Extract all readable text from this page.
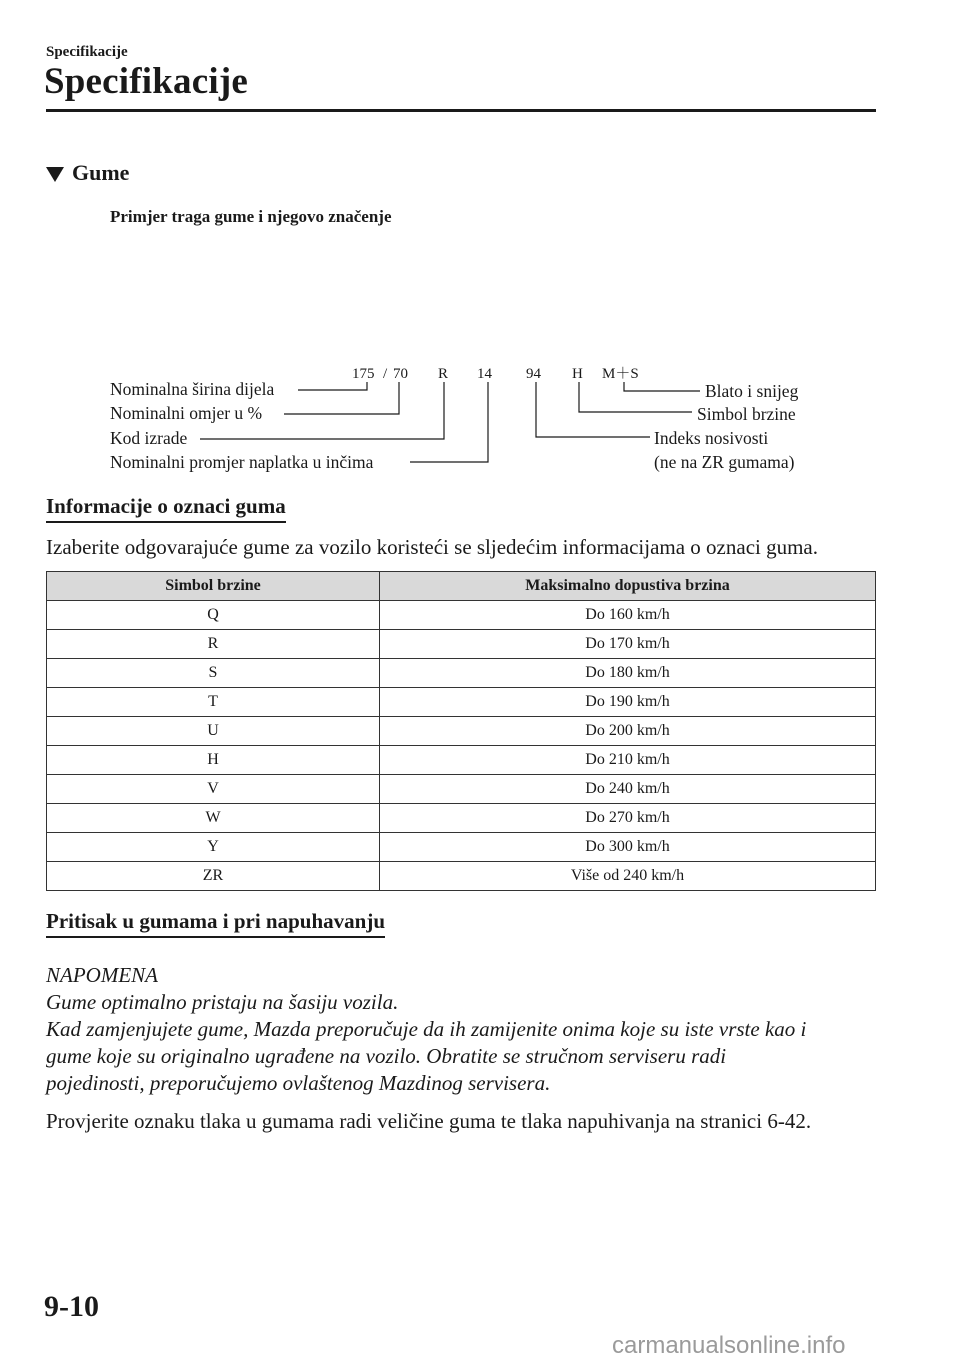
Specifikacije
Specifikacije
Gume
Primjer traga gume i njegovo značenje
175 / 70 R 14 94 H M＋S
Nominalna širina dijela
Nominalni omjer u %
Kod izrade
Nominalni promjer naplatka u inčima
Blato i snijeg
Simbol brzine
Indeks nosivosti
(ne na ZR gumama)
Informacije o oznaci guma
Izaberite odgovarajuće gume za vozilo koristeći se sljedećim informacijama o oznaci guma.
Simbol brzine	Maksimalno dopustiva brzina
Q	Do 160 km/h
R	Do 170 km/h
S	Do 180 km/h
T	Do 190 km/h
U	Do 200 km/h
H	Do 210 km/h
V	Do 240 km/h
W	Do 270 km/h
Y	Do 300 km/h
ZR	Više od 240 km/h
Pritisak u gumama i pri napuhavanju
NAPOMENA
Gume optimalno pristaju na šasiju vozila.
Kad zamjenjujete gume, Mazda preporučuje da ih zamijenite onima koje su iste vrste kao i
gume koje su originalno ugrađene na vozilo. Obratite se stručnom serviseru radi
pojedinosti, preporučujemo ovlaštenog Mazdinog servisera.
Provjerite oznaku tlaka u gumama radi veličine guma te tlaka napuhivanja na stranici 6-42.
9-10
carmanualsonline.info
